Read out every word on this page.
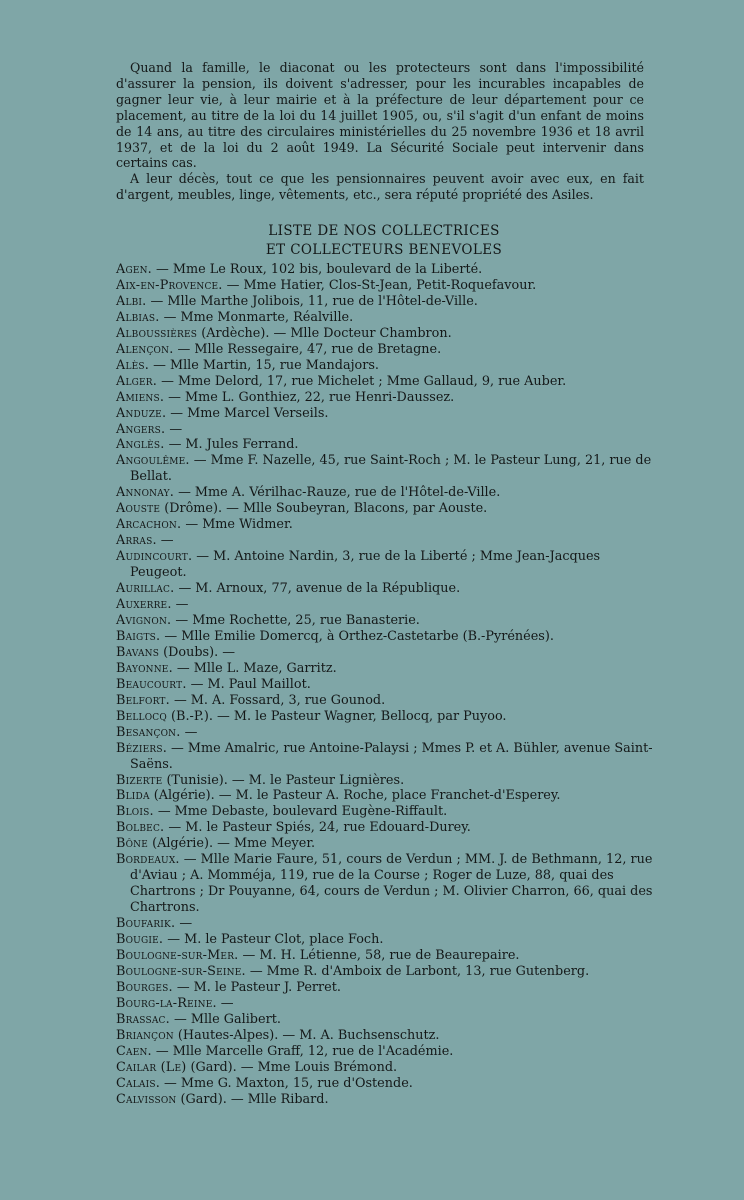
Quand la famille, le diaconat ou les protecteurs sont dans l'impossibilité d'assurer la pension, ils doivent s'adresser, pour les incurables incapables de gagner leur vie, à leur mairie et à la préfecture de leur département pour ce placement, au titre de la loi du 14 juillet 1905, ou, s'il s'agit d'un enfant de moins de 14 ans, au titre des circulaires ministérielles du 25 novembre 1936 et 18 avril 1937, et de la loi du 2 août 1949. La Sécurité Sociale peut intervenir dans certains cas.

A leur décès, tout ce que les pensionnaires peuvent avoir avec eux, en fait d'argent, meubles, linge, vêtements, etc., sera réputé propriété des Asiles.

LISTE DE NOS COLLECTRICES
ET COLLECTEURS BENEVOLES

Agen. — Mme Le Roux, 102 bis, boulevard de la Liberté.

Aix-en-Provence. — Mme Hatier, Clos-St-Jean, Petit-Roquefavour.

Albi. — Mlle Marthe Jolibois, 11, rue de l'Hôtel-de-Ville.

Albias. — Mme Monmarte, Réalville.

Alboussières (Ardèche). — Mlle Docteur Chambron.

Alençon. — Mlle Ressegaire, 47, rue de Bretagne.

Alès. — Mlle Martin, 15, rue Mandajors.

Alger. — Mme Delord, 17, rue Michelet ; Mme Gallaud, 9, rue Auber.

Amiens. — Mme L. Gonthiez, 22, rue Henri-Daussez.

Anduze. — Mme Marcel Verseils.

Angers. —

Anglès. — M. Jules Ferrand.

Angoulême. — Mme F. Nazelle, 45, rue Saint-Roch ; M. le Pasteur Lung, 21, rue de Bellat.

Annonay. — Mme A. Vérilhac-Rauze, rue de l'Hôtel-de-Ville.

Aouste (Drôme). — Mlle Soubeyran, Blacons, par Aouste.

Arcachon. — Mme Widmer.

Arras. —

Audincourt. — M. Antoine Nardin, 3, rue de la Liberté ; Mme Jean-Jacques Peugeot.

Aurillac. — M. Arnoux, 77, avenue de la République.

Auxerre. —

Avignon. — Mme Rochette, 25, rue Banasterie.

Baigts. — Mlle Emilie Domercq, à Orthez-Castetarbe (B.-Pyrénées).

Bavans (Doubs). —

Bayonne. — Mlle L. Maze, Garritz.

Beaucourt. — M. Paul Maillot.

Belfort. — M. A. Fossard, 3, rue Gounod.

Bellocq (B.-P.). — M. le Pasteur Wagner, Bellocq, par Puyoo.

Besançon. —

Béziers. — Mme Amalric, rue Antoine-Palaysi ; Mmes P. et A. Bühler, avenue Saint-Saëns.

Bizerte (Tunisie). — M. le Pasteur Lignières.

Blida (Algérie). — M. le Pasteur A. Roche, place Franchet-d'Esperey.

Blois. — Mme Debaste, boulevard Eugène-Riffault.

Bolbec. — M. le Pasteur Spiés, 24, rue Edouard-Durey.

Bône (Algérie). — Mme Meyer.

Bordeaux. — Mlle Marie Faure, 51, cours de Verdun ; MM. J. de Bethmann, 12, rue d'Aviau ; A. Momméja, 119, rue de la Course ; Roger de Luze, 88, quai des Chartrons ; Dr Pouyanne, 64, cours de Verdun ; M. Olivier Charron, 66, quai des Chartrons.

Boufarik. —

Bougie. — M. le Pasteur Clot, place Foch.

Boulogne-sur-Mer. — M. H. Létienne, 58, rue de Beaurepaire.

Boulogne-sur-Seine. — Mme R. d'Amboix de Larbont, 13, rue Gutenberg.

Bourges. — M. le Pasteur J. Perret.

Bourg-la-Reine. —

Brassac. — Mlle Galibert.

Briançon (Hautes-Alpes). — M. A. Buchsenschutz.

Caen. — Mlle Marcelle Graff, 12, rue de l'Académie.

Cailar (Le) (Gard). — Mme Louis Brémond.

Calais. — Mme G. Maxton, 15, rue d'Ostende.

Calvisson (Gard). — Mlle Ribard.
